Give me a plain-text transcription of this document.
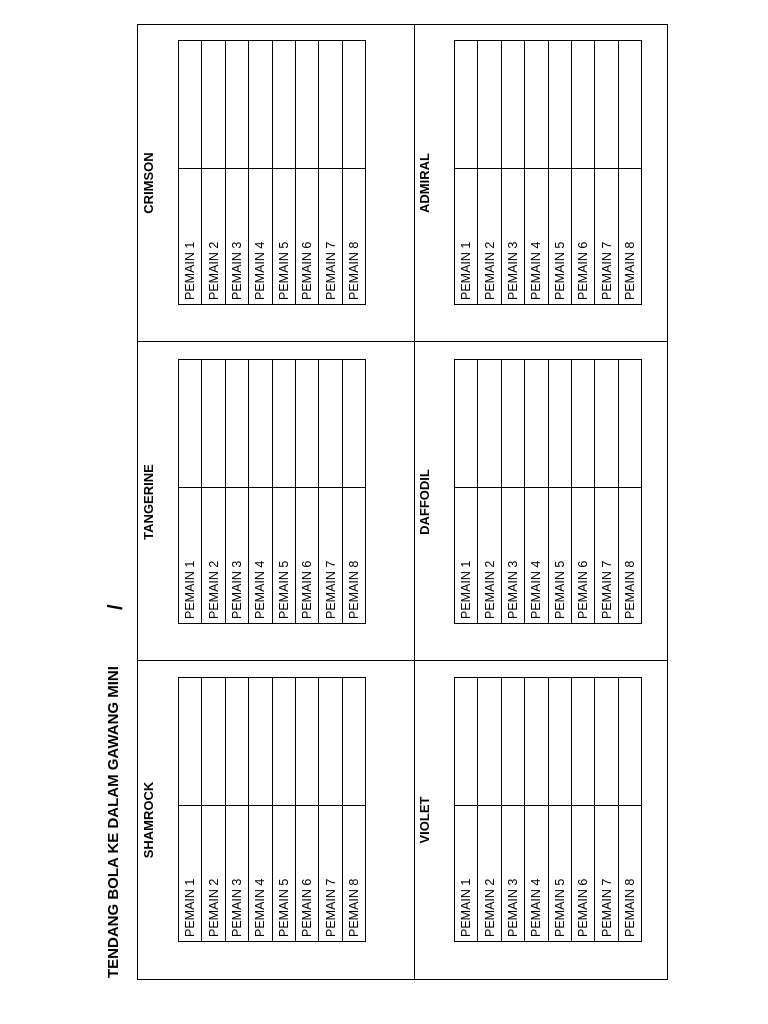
TENDANG BOLA KE DALAM GAWANG MINI
/
SHAMROCK
PEMAIN 1	
PEMAIN 2	
PEMAIN 3	
PEMAIN 4	
PEMAIN 5	
PEMAIN 6	
PEMAIN 7	
PEMAIN 8	
TANGERINE
PEMAIN 1	
PEMAIN 2	
PEMAIN 3	
PEMAIN 4	
PEMAIN 5	
PEMAIN 6	
PEMAIN 7	
PEMAIN 8	
CRIMSON
PEMAIN 1	
PEMAIN 2	
PEMAIN 3	
PEMAIN 4	
PEMAIN 5	
PEMAIN 6	
PEMAIN 7	
PEMAIN 8	
VIOLET
PEMAIN 1	
PEMAIN 2	
PEMAIN 3	
PEMAIN 4	
PEMAIN 5	
PEMAIN 6	
PEMAIN 7	
PEMAIN 8	
DAFFODIL
PEMAIN 1	
PEMAIN 2	
PEMAIN 3	
PEMAIN 4	
PEMAIN 5	
PEMAIN 6	
PEMAIN 7	
PEMAIN 8	
ADMIRAL
PEMAIN 1	
PEMAIN 2	
PEMAIN 3	
PEMAIN 4	
PEMAIN 5	
PEMAIN 6	
PEMAIN 7	
PEMAIN 8	
